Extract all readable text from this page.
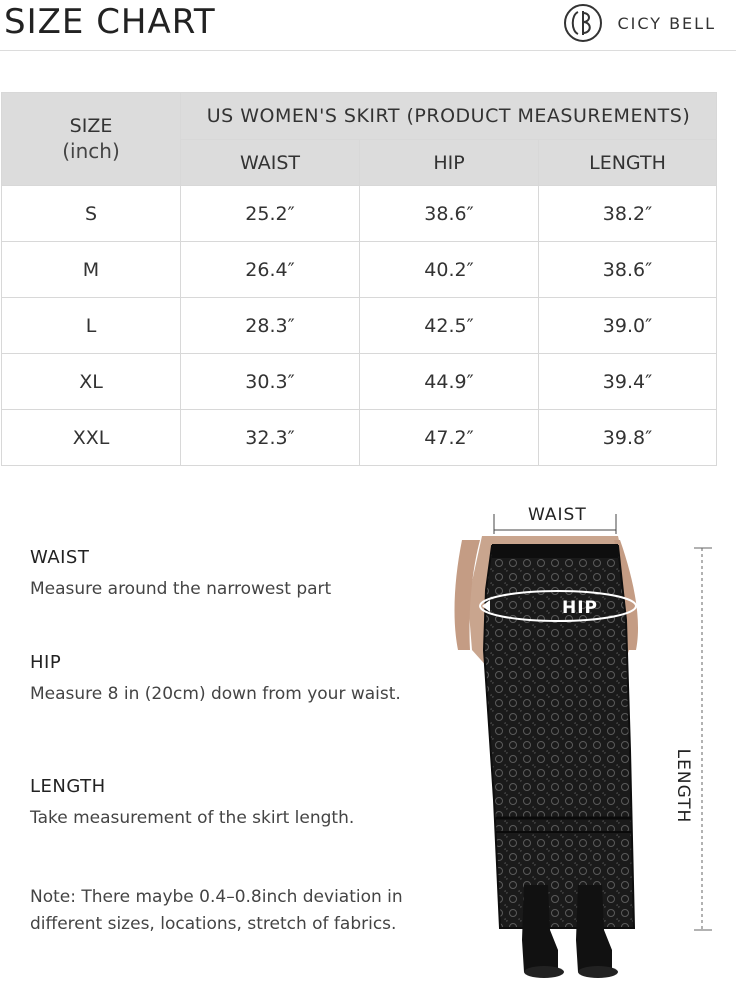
SIZE CHART	CICY BELL
SIZE
(inch)	US WOMEN'S SKIRT (PRODUCT MEASUREMENTS)		
	WAIST	HIP	LENGTH
S	25.2″	38.6″	38.2″
M	26.4″	40.2″	38.6″
L	28.3″	42.5″	39.0″
XL	30.3″	44.9″	39.4″
XXL	32.3″	47.2″	39.8″
WAIST
Measure around the narrowest part
HIP
Measure 8 in (20cm) down from your waist.
LENGTH
Take measurement of the skirt length.
Note: There maybe 0.4–0.8inch deviation in different sizes, locations, stretch of fabrics.
WAIST
HIP
LENGTH
